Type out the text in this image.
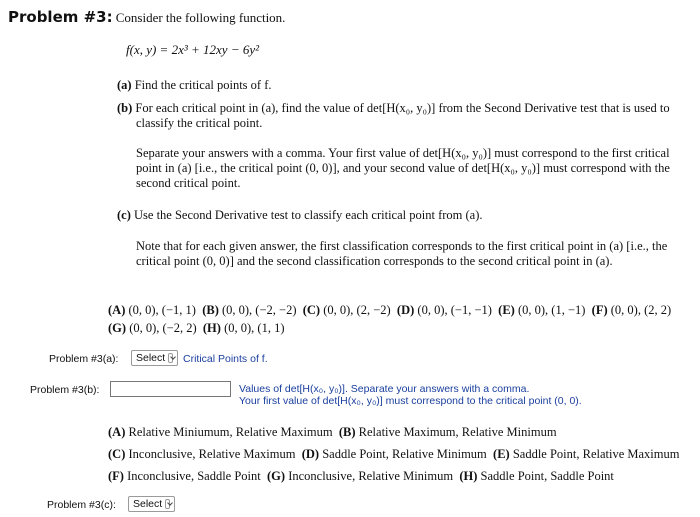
Problem #3: Consider the following function.
f(x, y) = 2x³ + 12xy − 6y²
(a) Find the critical points of f.
(b) For each critical point in (a), find the value of det[H(x₀, y₀)] from the Second Derivative test that is used to
classify the critical point.
Separate your answers with a comma. Your first value of det[H(x₀, y₀)] must correspond to the first critical
point in (a) [i.e., the critical point (0, 0)], and your second value of det[H(x₀, y₀)] must correspond with the
second critical point.
(c) Use the Second Derivative test to classify each critical point from (a).
Note that for each given answer, the first classification corresponds to the first critical point in (a) [i.e., the
critical point (0, 0)] and the second classification corresponds to the second critical point in (a).
(A) (0, 0), (−1, 1) (B) (0, 0), (−2, −2) (C) (0, 0), (2, −2) (D) (0, 0), (−1, −1) (E) (0, 0), (1, −1) (F) (0, 0), (2, 2)
(G) (0, 0), (−2, 2) (H) (0, 0), (1, 1)
Problem #3(a): Select Critical Points of f.
Problem #3(b):	Values of det[H(x₀, y₀)]. Separate your answers with a comma.
Your first value of det[H(x₀, y₀)] must correspond to the critical point (0, 0).
(A) Relative Miniumum, Relative Maximum (B) Relative Maximum, Relative Minimum
(C) Inconclusive, Relative Maximum (D) Saddle Point, Relative Minimum (E) Saddle Point, Relative Maximum
(F) Inconclusive, Saddle Point (G) Inconclusive, Relative Minimum (H) Saddle Point, Saddle Point
Problem #3(c): Select
